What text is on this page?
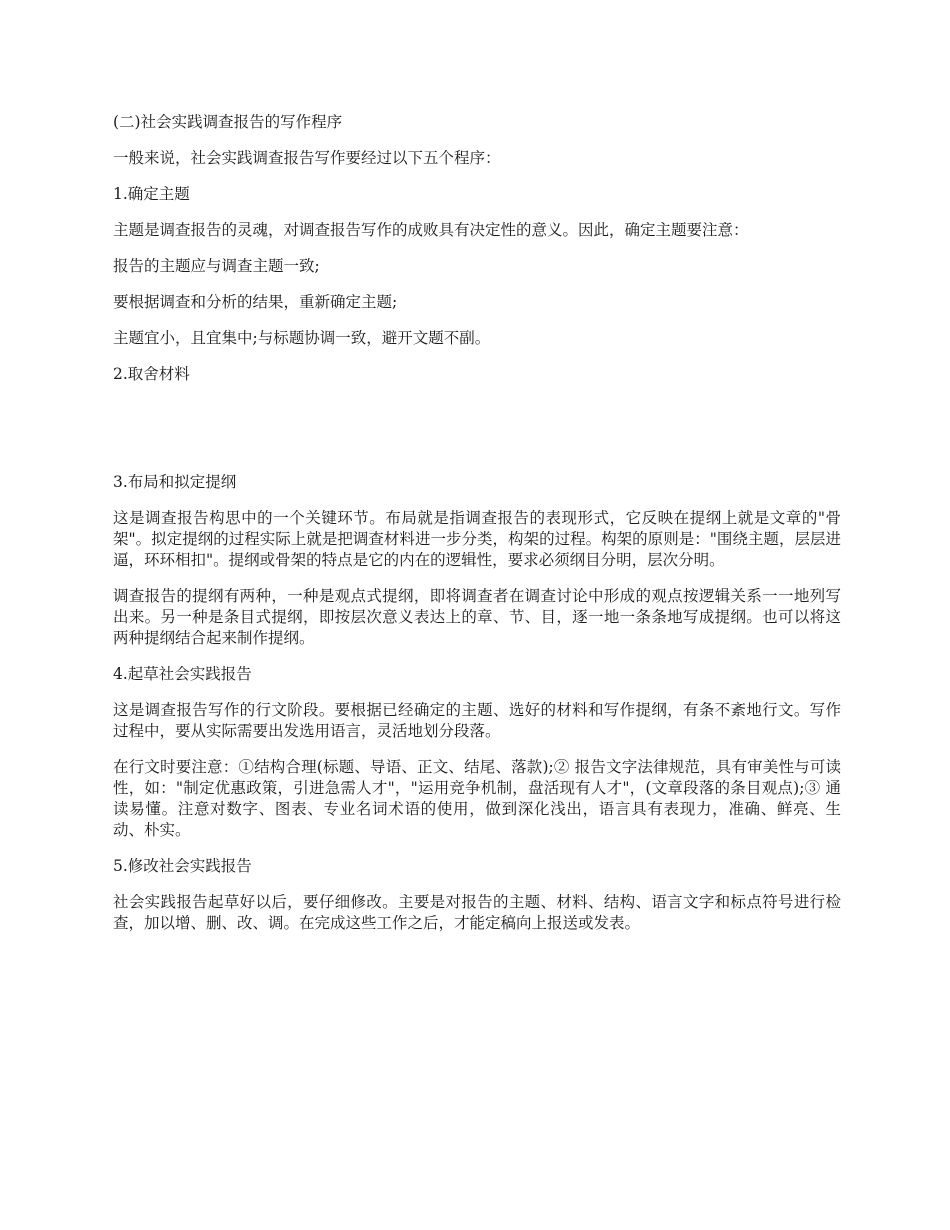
(二)社会实践调查报告的写作程序

一般来说，社会实践调查报告写作要经过以下五个程序：

1.确定主题

主题是调查报告的灵魂，对调查报告写作的成败具有决定性的意义。因此，确定主题要注意：

报告的主题应与调查主题一致;

要根据调查和分析的结果，重新确定主题;

主题宜小，且宜集中;与标题协调一致，避开文题不副。

2.取舍材料

3.布局和拟定提纲

这是调查报告构思中的一个关键环节。布局就是指调查报告的表现形式，它反映在提纲上就是文章的"骨架"。拟定提纲的过程实际上就是把调查材料进一步分类，构架的过程。构架的原则是："围绕主题，层层进逼，环环相扣"。提纲或骨架的特点是它的内在的逻辑性，要求必须纲目分明，层次分明。

调查报告的提纲有两种，一种是观点式提纲，即将调查者在调查讨论中形成的观点按逻辑关系一一地列写出来。另一种是条目式提纲，即按层次意义表达上的章、节、目，逐一地一条条地写成提纲。也可以将这两种提纲结合起来制作提纲。

4.起草社会实践报告

这是调查报告写作的行文阶段。要根据已经确定的主题、选好的材料和写作提纲，有条不紊地行文。写作过程中，要从实际需要出发选用语言，灵活地划分段落。

在行文时要注意：①结构合理(标题、导语、正文、结尾、落款);② 报告文字法律规范，具有审美性与可读性，如："制定优惠政策，引进急需人才"，"运用竞争机制，盘活现有人才"，(文章段落的条目观点);③ 通读易懂。注意对数字、图表、专业名词术语的使用，做到深化浅出，语言具有表现力，准确、鲜亮、生动、朴实。

5.修改社会实践报告

社会实践报告起草好以后，要仔细修改。主要是对报告的主题、材料、结构、语言文字和标点符号进行检查，加以增、删、改、调。在完成这些工作之后，才能定稿向上报送或发表。
